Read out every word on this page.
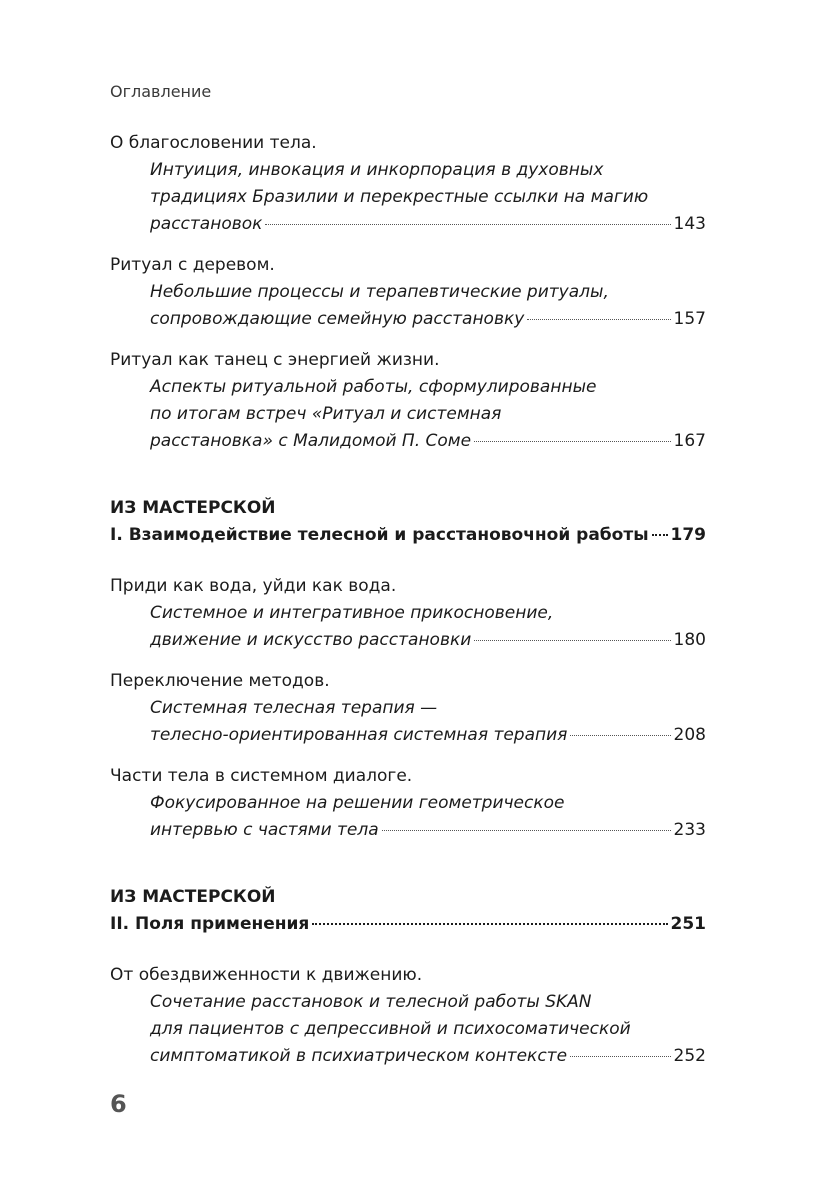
Оглавление

О благословении тела.

Интуиция, инвокация и инкорпорация в духовных
традициях Бразилии и перекрестные ссылки на магию
расстановок	143

Ритуал с деревом.

Небольшие процессы и терапевтические ритуалы,
сопровождающие семейную расстановку	157

Ритуал как танец с энергией жизни.

Аспекты ритуальной работы, сформулированные
по итогам встреч «Ритуал и системная
расстановка» с Малидомой П. Соме	167
ИЗ МАСТЕРСКОЙ
I. Взаимодействие телесной и расстановочной работы 179

Приди как вода, уйди как вода.

Системное и интегративное прикосновение,
движение и искусство расстановки	180

Переключение методов.

Системная телесная терапия —
телесно-ориентированная системная терапия	208

Части тела в системном диалоге.

Фокусированное на решении геометрическое
интервью с частями тела	233
ИЗ МАСТЕРСКОЙ
II. Поля применения	251

От обездвиженности к движению.

Сочетание расстановок и телесной работы SKAN
для пациентов с депрессивной и психосоматической
симптоматикой в психиатрическом контексте	252
6
